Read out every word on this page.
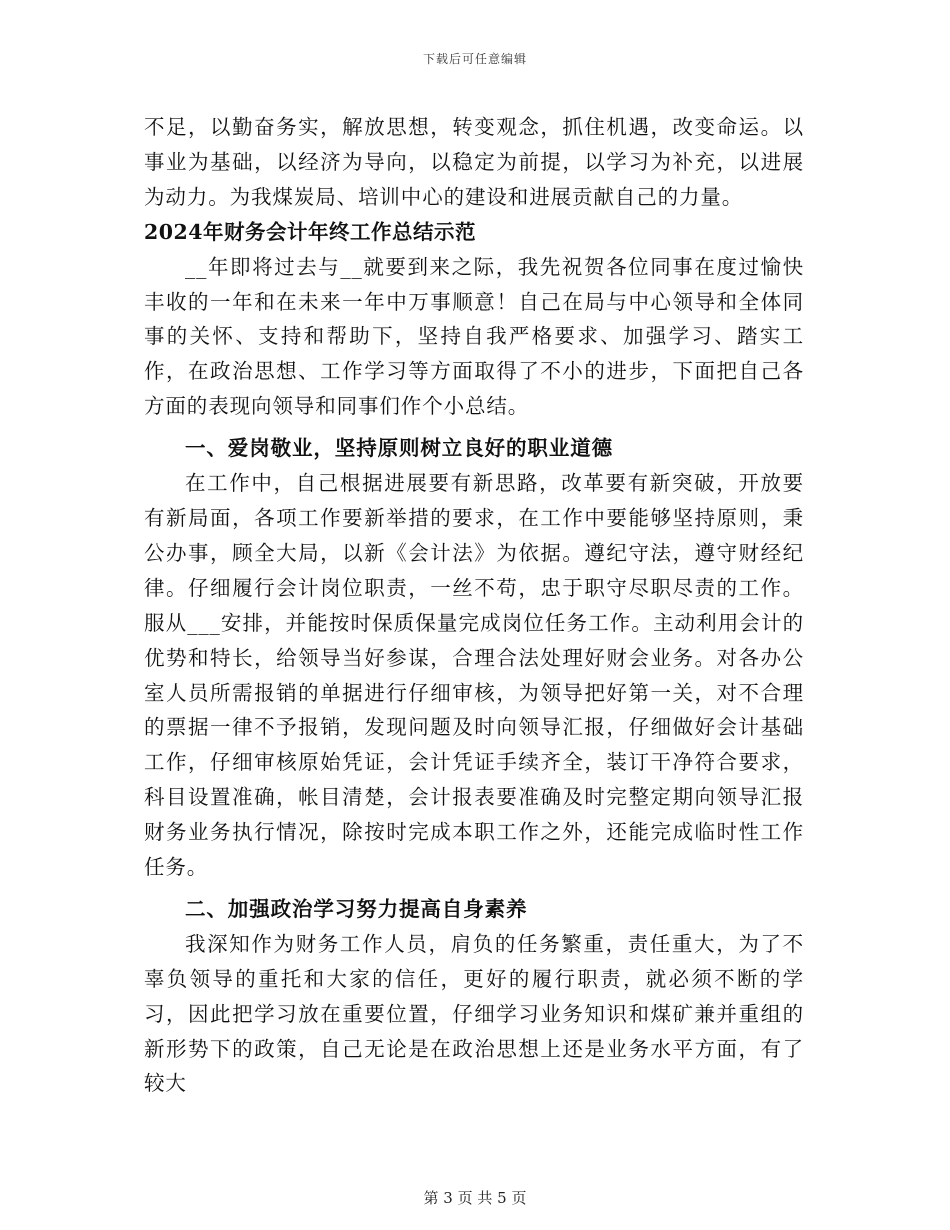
下载后可任意编辑

不足，以勤奋务实，解放思想，转变观念，抓住机遇，改变命运。以事业为基础，以经济为导向，以稳定为前提，以学习为补充，以进展为动力。为我煤炭局、培训中心的建设和进展贡献自己的力量。

2024年财务会计年终工作总结示范

__年即将过去与__就要到来之际，我先祝贺各位同事在度过愉快丰收的一年和在未来一年中万事顺意！自己在局与中心领导和全体同事的关怀、支持和帮助下，坚持自我严格要求、加强学习、踏实工作，在政治思想、工作学习等方面取得了不小的进步，下面把自己各方面的表现向领导和同事们作个小总结。

一、爱岗敬业，坚持原则树立良好的职业道德

在工作中，自己根据进展要有新思路，改革要有新突破，开放要有新局面，各项工作要新举措的要求，在工作中要能够坚持原则，秉公办事，顾全大局，以新《会计法》为依据。遵纪守法，遵守财经纪律。仔细履行会计岗位职责，一丝不苟，忠于职守尽职尽责的工作。服从___安排，并能按时保质保量完成岗位任务工作。主动利用会计的优势和特长，给领导当好参谋，合理合法处理好财会业务。对各办公室人员所需报销的单据进行仔细审核，为领导把好第一关，对不合理的票据一律不予报销，发现问题及时向领导汇报，仔细做好会计基础工作，仔细审核原始凭证，会计凭证手续齐全，装订干净符合要求，科目设置准确，帐目清楚，会计报表要准确及时完整定期向领导汇报财务业务执行情况，除按时完成本职工作之外，还能完成临时性工作任务。

二、加强政治学习努力提高自身素养

我深知作为财务工作人员，肩负的任务繁重，责任重大，为了不辜负领导的重托和大家的信任，更好的履行职责，就必须不断的学习，因此把学习放在重要位置，仔细学习业务知识和煤矿兼并重组的新形势下的政策，自己无论是在政治思想上还是业务水平方面，有了较大

第 3 页 共 5 页
